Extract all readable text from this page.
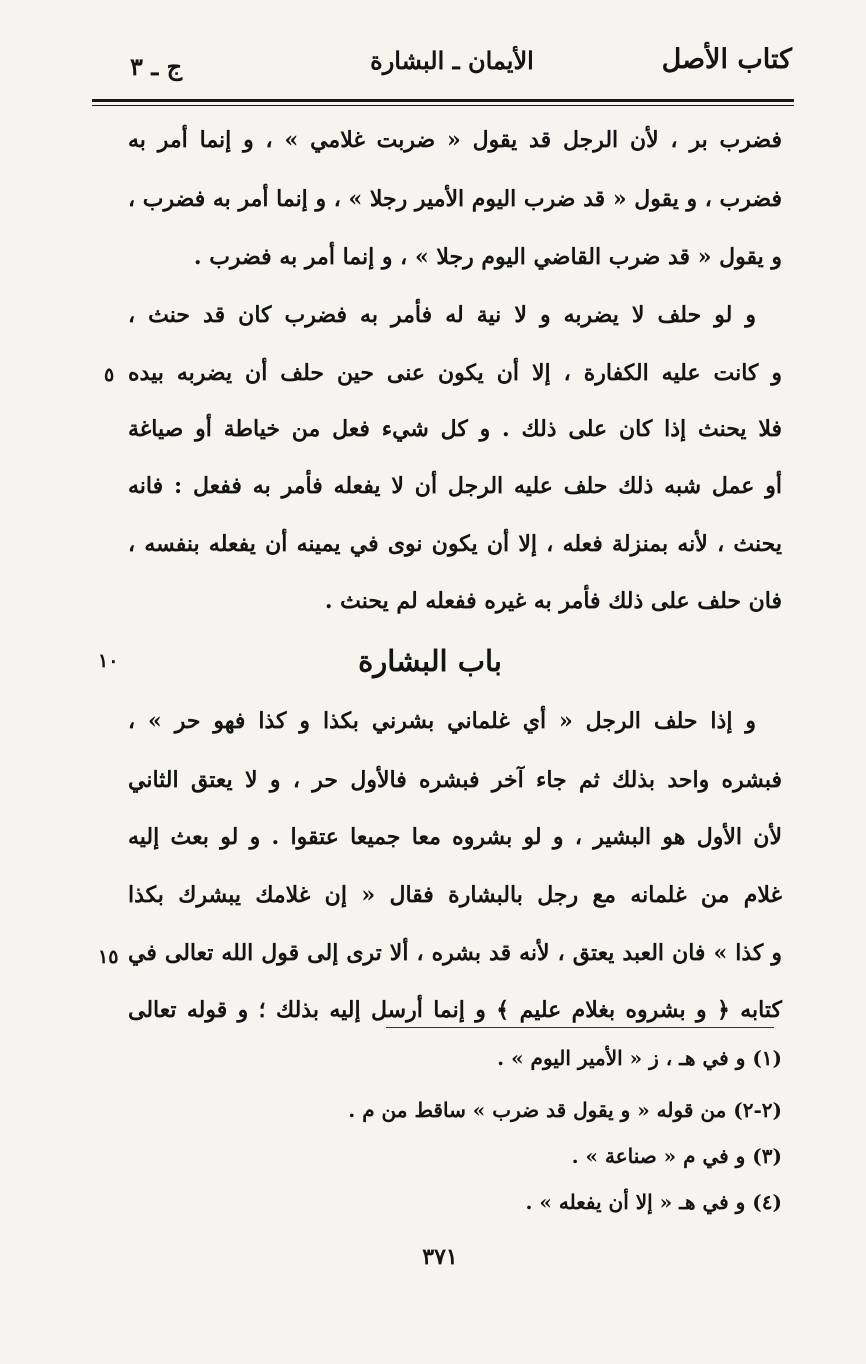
كتاب الأصل
الأيمان ـ البشارة
ج ـ ٣
فضرب بر ، لأن الرجل قد يقول « ضربت غلامي » ، و إنما أمر به
فضرب ، و يقول « قد ضرب اليوم الأمير رجلا » ، و إنما أمر به فضرب ،
و يقول « قد ضرب القاضي اليوم رجلا » ، و إنما أمر به فضرب .
و لو حلف لا يضربه و لا نية له فأمر به فضرب كان قد حنث ،
و كانت عليه الكفارة ، إلا أن يكون عنى حين حلف أن يضربه بيده
فلا يحنث إذا كان على ذلك . و كل شيء فعل من خياطة أو صياغة
أو عمل شبه ذلك حلف عليه الرجل أن لا يفعله فأمر به ففعل : فانه
يحنث ، لأنه بمنزلة فعله ، إلا أن يكون نوى في يمينه أن يفعله بنفسه ،
فان حلف على ذلك فأمر به غيره ففعله لم يحنث .
٥
١٠
١٥
باب البشارة
و إذا حلف الرجل « أي غلماني بشرني بكذا و كذا فهو حر » ،
فبشره واحد بذلك ثم جاء آخر فبشره فالأول حر ، و لا يعتق الثاني
لأن الأول هو البشير ، و لو بشروه معا جميعا عتقوا . و لو بعث إليه
غلام من غلمانه مع رجل بالبشارة فقال « إن غلامك يبشرك بكذا
و كذا » فان العبد يعتق ، لأنه قد بشره ، ألا ترى إلى قول الله تعالى في
كتابه ﴿ و بشروه بغلام عليم ﴾ و إنما أرسل إليه بذلك ؛ و قوله تعالى
(١) و في هـ ، ز « الأمير اليوم » .
(٢-٢) من قوله « و يقول قد ضرب » ساقط من م .
(٣) و في م « صناعة » .
(٤) و في هـ « إلا أن يفعله » .
٣٧١
